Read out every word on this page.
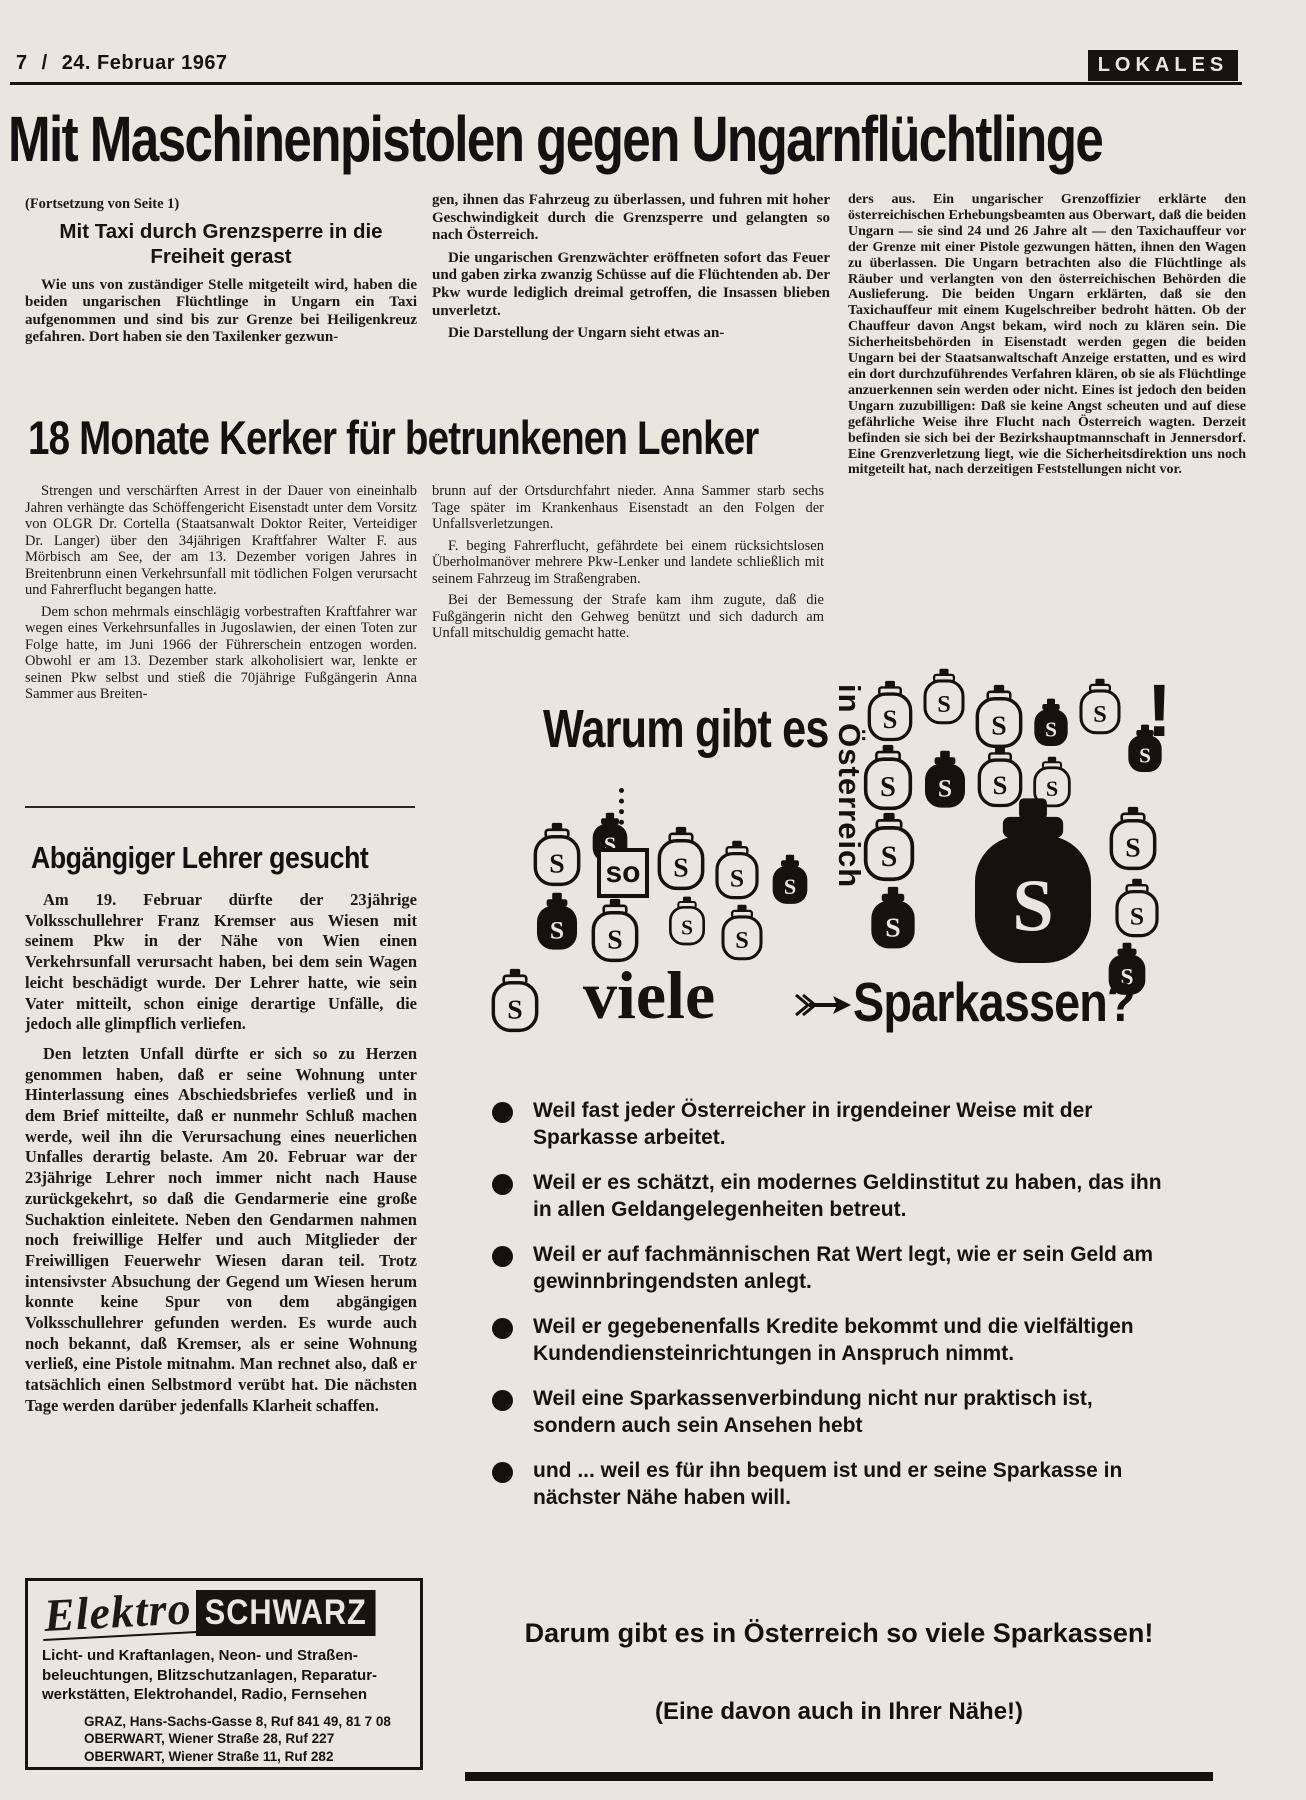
7 / 24. Februar 1967	LOKALES
Mit Maschinenpistolen gegen Ungarnflüchtlinge

(Fortsetzung von Seite 1)

Mit Taxi durch Grenzsperre in die Freiheit gerast

Wie uns von zuständiger Stelle mitgeteilt wird, haben die beiden ungarischen Flüchtlinge in Ungarn ein Taxi aufgenommen und sind bis zur Grenze bei Heiligenkreuz gefahren. Dort haben sie den Taxilenker gezwun-

gen, ihnen das Fahrzeug zu überlassen, und fuhren mit hoher Geschwindigkeit durch die Grenzsperre und gelangten so nach Österreich.

Die ungarischen Grenzwächter eröffneten sofort das Feuer und gaben zirka zwanzig Schüsse auf die Flüchtenden ab. Der Pkw wurde lediglich dreimal getroffen, die Insassen blieben unverletzt.

Die Darstellung der Ungarn sieht etwas an-

ders aus. Ein ungarischer Grenzoffizier erklärte den österreichischen Erhebungsbeamten aus Oberwart, daß die beiden Ungarn — sie sind 24 und 26 Jahre alt — den Taxichauffeur vor der Grenze mit einer Pistole gezwungen hätten, ihnen den Wagen zu überlassen. Die Ungarn betrachten also die Flüchtlinge als Räuber und verlangten von den österreichischen Behörden die Auslieferung. Die beiden Ungarn erklärten, daß sie den Taxichauffeur mit einem Kugelschreiber bedroht hätten. Ob der Chauffeur davon Angst bekam, wird noch zu klären sein. Die Sicherheitsbehörden in Eisenstadt werden gegen die beiden Ungarn bei der Staatsanwaltschaft Anzeige erstatten, und es wird ein dort durchzuführendes Verfahren klären, ob sie als Flüchtlinge anzuerkennen sein werden oder nicht. Eines ist jedoch den beiden Ungarn zuzubilligen: Daß sie keine Angst scheuten und auf diese gefährliche Weise ihre Flucht nach Österreich wagten. Derzeit befinden sie sich bei der Bezirkshauptmannschaft in Jennersdorf. Eine Grenzverletzung liegt, wie die Sicherheitsdirektion uns noch mitgeteilt hat, nach derzeitigen Feststellungen nicht vor.

18 Monate Kerker für betrunkenen Lenker

Strengen und verschärften Arrest in der Dauer von eineinhalb Jahren verhängte das Schöffengericht Eisenstadt unter dem Vorsitz von OLGR Dr. Cortella (Staatsanwalt Doktor Reiter, Verteidiger Dr. Langer) über den 34jährigen Kraftfahrer Walter F. aus Mörbisch am See, der am 13. Dezember vorigen Jahres in Breitenbrunn einen Verkehrsunfall mit tödlichen Folgen verursacht und Fahrerflucht begangen hatte.

Dem schon mehrmals einschlägig vorbestraften Kraftfahrer war wegen eines Verkehrsunfalles in Jugoslawien, der einen Toten zur Folge hatte, im Juni 1966 der Führerschein entzogen worden. Obwohl er am 13. Dezember stark alkoholisiert war, lenkte er seinen Pkw selbst und stieß die 70jährige Fußgängerin Anna Sammer aus Breiten-

brunn auf der Ortsdurchfahrt nieder. Anna Sammer starb sechs Tage später im Krankenhaus Eisenstadt an den Folgen der Unfallsverletzungen.

F. beging Fahrerflucht, gefährdete bei einem rücksichtslosen Überholmanöver mehrere Pkw-Lenker und landete schließlich mit seinem Fahrzeug im Straßengraben.

Bei der Bemessung der Strafe kam ihm zugute, daß die Fußgängerin nicht den Gehweg benützt und sich dadurch am Unfall mitschuldig gemacht hatte.

Abgängiger Lehrer gesucht

Am 19. Februar dürfte der 23jährige Volksschullehrer Franz Kremser aus Wiesen mit seinem Pkw in der Nähe von Wien einen Verkehrsunfall verursacht haben, bei dem sein Wagen leicht beschädigt wurde. Der Lehrer hatte, wie sein Vater mitteilt, schon einige derartige Unfälle, die jedoch alle glimpflich verliefen.

Den letzten Unfall dürfte er sich so zu Herzen genommen haben, daß er seine Wohnung unter Hinterlassung eines Abschiedsbriefes verließ und in dem Brief mitteilte, daß er nunmehr Schluß machen werde, weil ihn die Verursachung eines neuerlichen Unfalles derartig belaste. Am 20. Februar war der 23jährige Lehrer noch immer nicht nach Hause zurückgekehrt, so daß die Gendarmerie eine große Suchaktion einleitete. Neben den Gendarmen nahmen noch freiwillige Helfer und auch Mitglieder der Freiwilligen Feuerwehr Wiesen daran teil. Trotz intensivster Absuchung der Gegend um Wiesen herum konnte keine Spur von dem abgängigen Volksschullehrer gefunden werden. Es wurde auch noch bekannt, daß Kremser, als er seine Wohnung verließ, eine Pistole mitnahm. Man rechnet also, daß er tatsächlich einen Selbstmord verübt hat. Die nächsten Tage werden darüber jedenfalls Klarheit schaffen.

Warum gibt es in Österreich
so
viele	Sparkassen?
!
Weil fast jeder Österreicher in irgendeiner Weise mit der Sparkasse arbeitet.
Weil er es schätzt, ein modernes Geldinstitut zu haben, das ihn in allen Geldangelegenheiten betreut.
Weil er auf fachmännischen Rat Wert legt, wie er sein Geld am gewinnbringendsten anlegt.
Weil er gegebenenfalls Kredite bekommt und die vielfältigen Kundendiensteinrichtungen in Anspruch nimmt.
Weil eine Sparkassenverbindung nicht nur praktisch ist, sondern auch sein Ansehen hebt
und ... weil es für ihn bequem ist und er seine Sparkasse in nächster Nähe haben will.
Darum gibt es in Österreich so viele Sparkassen!
(Eine davon auch in Ihrer Nähe!)
Elektro SCHWARZ
Licht- und Kraftanlagen, Neon- und Straßen-
beleuchtungen, Blitzschutzanlagen, Reparatur-
werkstätten, Elektrohandel, Radio, Fernsehen
GRAZ, Hans-Sachs-Gasse 8, Ruf 841 49, 81 7 08
OBERWART, Wiener Straße 28, Ruf 227
OBERWART, Wiener Straße 11, Ruf 282
